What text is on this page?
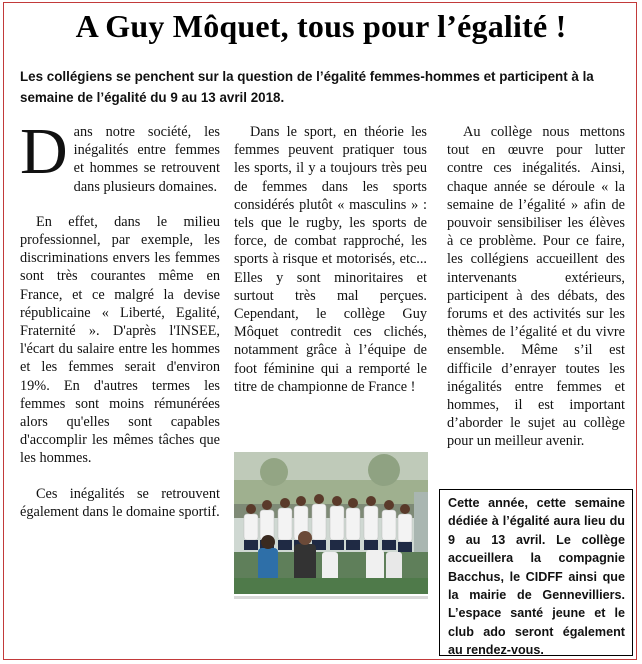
A Guy Môquet, tous pour l’égalité !
Les collégiens se penchent sur la question de l’égalité femmes-hommes et participent à la semaine de l’égalité du 9 au 13 avril 2018.

Dans notre société, les inégalités entre femmes et hommes se retrouvent dans plusieurs domaines.

En effet, dans le milieu professionnel, par exemple, les discriminations envers les femmes sont très courantes même en France, et ce malgré la devise républicaine « Liberté, Egalité, Fraternité ». D'après l'INSEE, l'écart du salaire entre les hommes et les femmes serait d'environ 19%. En d'autres termes les femmes sont moins rémunérées alors qu'elles sont capables d'accomplir les mêmes tâches que les hommes.

Ces inégalités se retrouvent également dans le domaine sportif.

Dans le sport, en théorie les femmes peuvent pratiquer tous les sports, il y a toujours très peu de femmes dans les sports considérés plutôt « masculins » : tels que le rugby, les sports de force, de combat rapproché, les sports à risque et motorisés, etc... Elles y sont minoritaires et surtout très mal perçues. Cependant, le collège Guy Môquet contredit ces clichés, notamment grâce à l’équipe de foot féminine qui a remporté le titre de championne de France !

Au collège nous mettons tout en œuvre pour lutter contre ces inégalités. Ainsi, chaque année se déroule « la semaine de l’égalité » afin de pouvoir sensibiliser les élèves à ce problème. Pour ce faire, les collégiens accueillent des intervenants extérieurs, participent à des débats, des forums et des activités sur les thèmes de l’égalité et du vivre ensemble. Même s’il est difficile d’enrayer toutes les inégalités entre femmes et hommes, il est important d’aborder le sujet au collège pour un meilleur avenir.

Cette année, cette semaine dédiée à l’égalité aura lieu du 9 au 13 avril. Le collège accueillera la compagnie Bacchus, le CIDFF ainsi que la mairie de Gennevilliers. L’espace santé jeune et le club ado seront également au rendez-vous.
